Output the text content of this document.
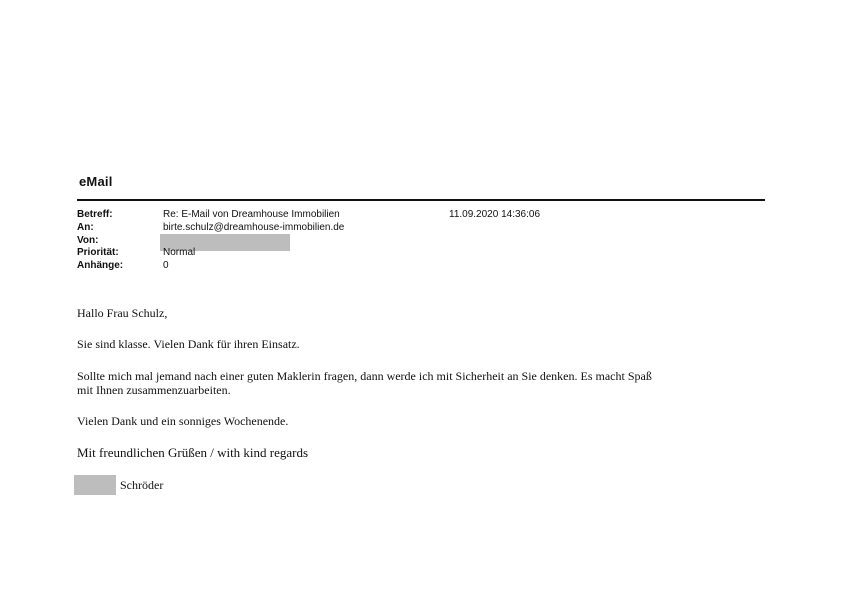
eMail
Betreff:	Re: E-Mail von Dreamhouse Immobilien	11.09.2020 14:36:06
An:	birte.schulz@dreamhouse-immobilien.de
Von:
Priorität:	Normal
Anhänge:	0
Hallo Frau Schulz,
Sie sind klasse. Vielen Dank für ihren Einsatz.
Sollte mich mal jemand nach einer guten Maklerin fragen, dann werde ich mit Sicherheit an Sie denken. Es macht Spaß
mit Ihnen zusammenzuarbeiten.
Vielen Dank und ein sonniges Wochenende.
Mit freundlichen Grüßen / with kind regards
Schröder
